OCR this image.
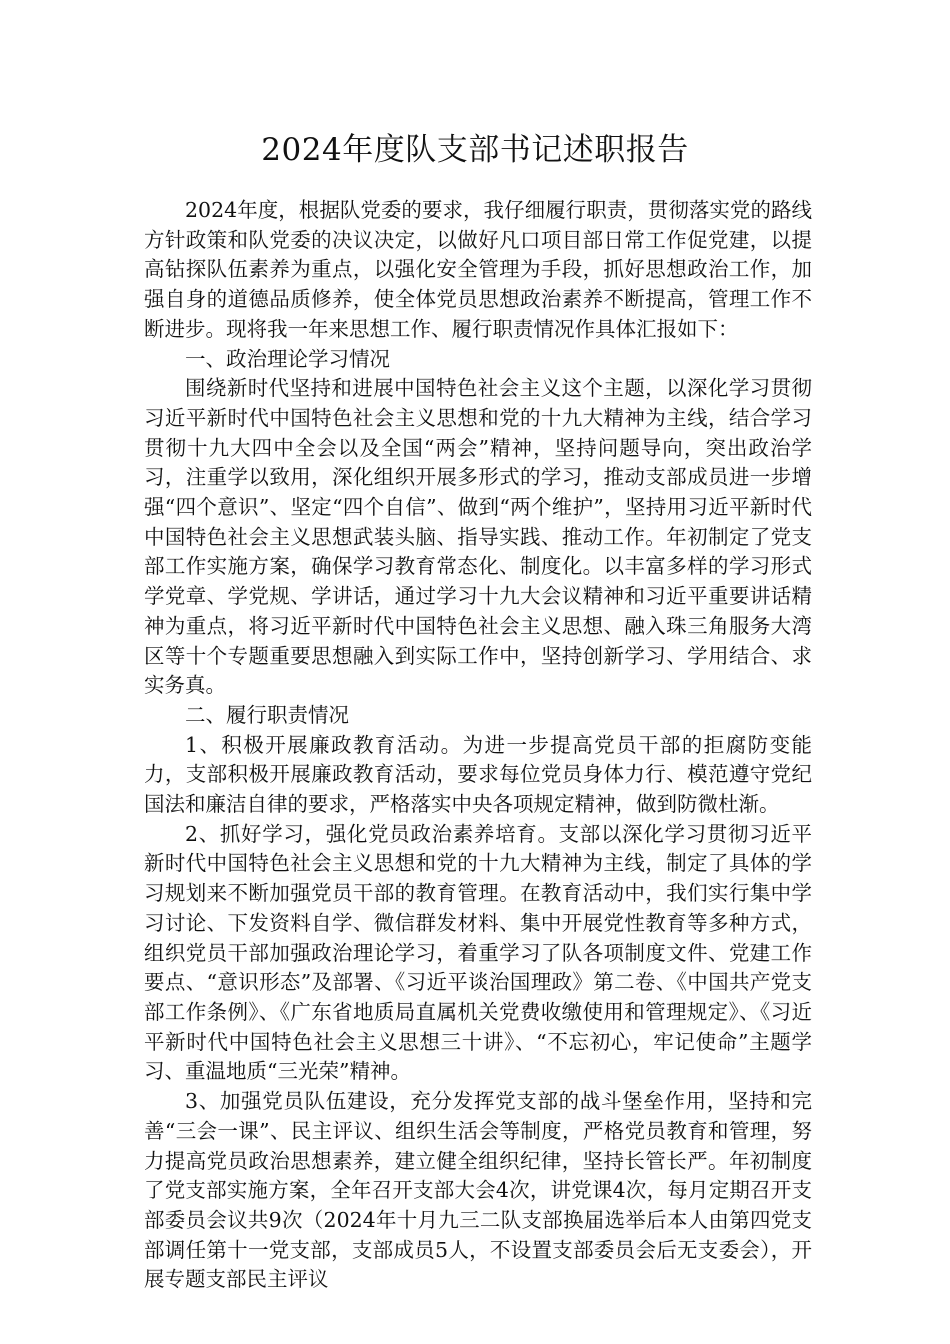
2024年度队支部书记述职报告

2024年度，根据队党委的要求，我仔细履行职责，贯彻落实党的路线方针政策和队党委的决议决定，以做好凡口项目部日常工作促党建，以提高钻探队伍素养为重点，以强化安全管理为手段，抓好思想政治工作，加强自身的道德品质修养，使全体党员思想政治素养不断提高，管理工作不断进步。现将我一年来思想工作、履行职责情况作具体汇报如下：

一、政治理论学习情况

围绕新时代坚持和进展中国特色社会主义这个主题，以深化学习贯彻习近平新时代中国特色社会主义思想和党的十九大精神为主线，结合学习贯彻十九大四中全会以及全国“两会”精神，坚持问题导向，突出政治学习，注重学以致用，深化组织开展多形式的学习，推动支部成员进一步增强“四个意识”、坚定“四个自信”、做到“两个维护”，坚持用习近平新时代中国特色社会主义思想武装头脑、指导实践、推动工作。年初制定了党支部工作实施方案，确保学习教育常态化、制度化。以丰富多样的学习形式学党章、学党规、学讲话，通过学习十九大会议精神和习近平重要讲话精神为重点，将习近平新时代中国特色社会主义思想、融入珠三角服务大湾区等十个专题重要思想融入到实际工作中，坚持创新学习、学用结合、求实务真。

二、履行职责情况

1、积极开展廉政教育活动。为进一步提高党员干部的拒腐防变能力，支部积极开展廉政教育活动，要求每位党员身体力行、模范遵守党纪国法和廉洁自律的要求，严格落实中央各项规定精神，做到防微杜渐。

2、抓好学习，强化党员政治素养培育。支部以深化学习贯彻习近平新时代中国特色社会主义思想和党的十九大精神为主线，制定了具体的学习规划来不断加强党员干部的教育管理。在教育活动中，我们实行集中学习讨论、下发资料自学、微信群发材料、集中开展党性教育等多种方式，组织党员干部加强政治理论学习，着重学习了队各项制度文件、党建工作要点、“意识形态”及部署、《习近平谈治国理政》第二卷、《中国共产党支部工作条例》、《广东省地质局直属机关党费收缴使用和管理规定》、《习近平新时代中国特色社会主义思想三十讲》、“不忘初心，牢记使命”主题学习、重温地质“三光荣”精神。

3、加强党员队伍建设，充分发挥党支部的战斗堡垒作用，坚持和完善“三会一课”、民主评议、组织生活会等制度，严格党员教育和管理，努力提高党员政治思想素养，建立健全组织纪律，坚持长管长严。年初制度了党支部实施方案，全年召开支部大会4次，讲党课4次，每月定期召开支部委员会议共9次（2024年十月九三二队支部换届选举后本人由第四党支部调任第十一党支部，支部成员5人，不设置支部委员会后无支委会），开展专题支部民主评议
